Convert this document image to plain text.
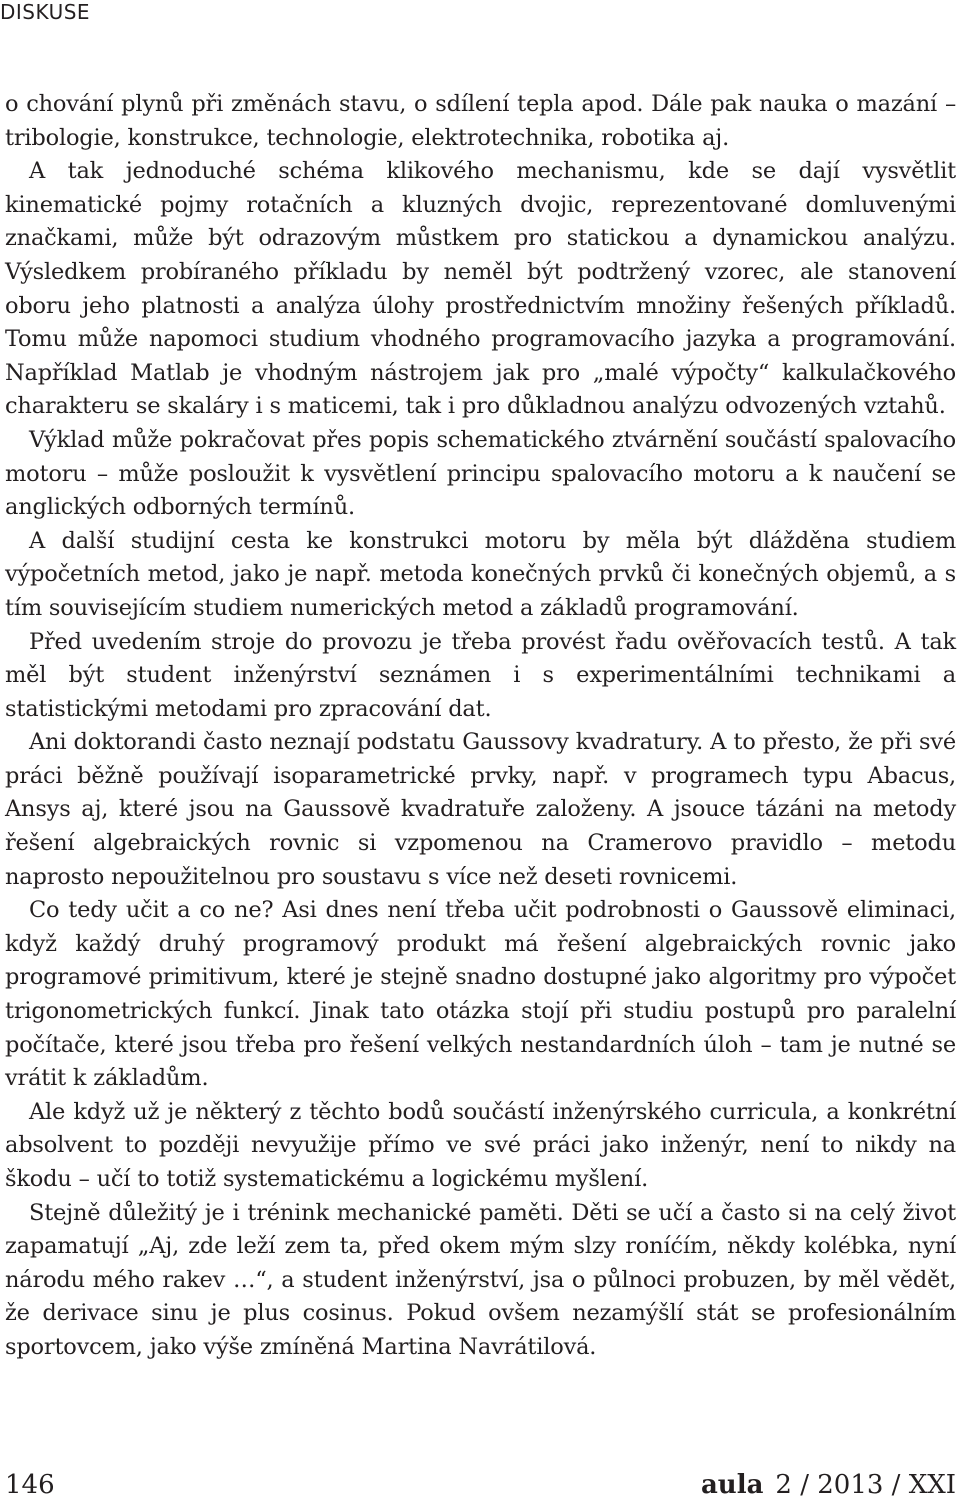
DISKUSE

o chování plynů při změnách stavu, o sdílení tepla apod. Dále pak nauka o mazání – tribologie, konstrukce, technologie, elektrotechnika, robotika aj.

A tak jednoduché schéma klikového mechanismu, kde se dají vysvětlit kinematické pojmy rotačních a kluzných dvojic, reprezentované domluvenými značkami, může být odrazovým můstkem pro statickou a dynamickou analýzu. Výsledkem probíraného příkladu by neměl být podtržený vzorec, ale stanovení oboru jeho platnosti a analýza úlohy prostřednictvím množiny řešených příkladů. Tomu může napomoci studium vhodného programovacího jazyka a programování. Například Matlab je vhodným nástrojem jak pro „malé výpočty“ kalkulačkového charakteru se skaláry i s maticemi, tak i pro důkladnou analýzu odvozených vztahů.

Výklad může pokračovat přes popis schematického ztvárnění součástí spalovacího motoru – může posloužit k vysvětlení principu spalovacího motoru a k naučení se anglických odborných termínů.

A další studijní cesta ke konstrukci motoru by měla být dlážděna studiem výpočetních metod, jako je např. metoda konečných prvků či konečných objemů, a s tím souvisejícím studiem numerických metod a základů programování.

Před uvedením stroje do provozu je třeba provést řadu ověřovacích testů. A tak měl být student inženýrství seznámen i s experimentálními technikami a statistickými metodami pro zpracování dat.

Ani doktorandi často neznají podstatu Gaussovy kvadratury. A to přesto, že při své práci běžně používají isoparametrické prvky, např. v programech typu Abacus, Ansys aj, které jsou na Gaussově kvadratuře založeny. A jsouce tázáni na metody řešení algebraických rovnic si vzpomenou na Cramerovo pravidlo – metodu naprosto nepoužitelnou pro soustavu s více než deseti rovnicemi.

Co tedy učit a co ne? Asi dnes není třeba učit podrobnosti o Gaussově eliminaci, když každý druhý programový produkt má řešení algebraických rovnic jako programové primitivum, které je stejně snadno dostupné jako algoritmy pro výpočet trigonometrických funkcí. Jinak tato otázka stojí při studiu postupů pro paralelní počítače, které jsou třeba pro řešení velkých nestandardních úloh – tam je nutné se vrátit k základům.

Ale když už je některý z těchto bodů součástí inženýrského curricula, a konkrétní absolvent to později nevyužije přímo ve své práci jako inženýr, není to nikdy na škodu – učí to totiž systematickému a logickému myšlení.

Stejně důležitý je i trénink mechanické paměti. Děti se učí a často si na celý život zapamatují „Aj, zde leží zem ta, před okem mým slzy roníćím, někdy kolébka, nyní národu mého rakev …“, a student inženýrství, jsa o půlnoci probuzen, by měl vědět, že derivace sinu je plus cosinus. Pokud ovšem nezamýšlí stát se profesionálním sportovcem, jako výše zmíněná Martina Navrátilová.

146	aula 2 / 2013 / XXI
